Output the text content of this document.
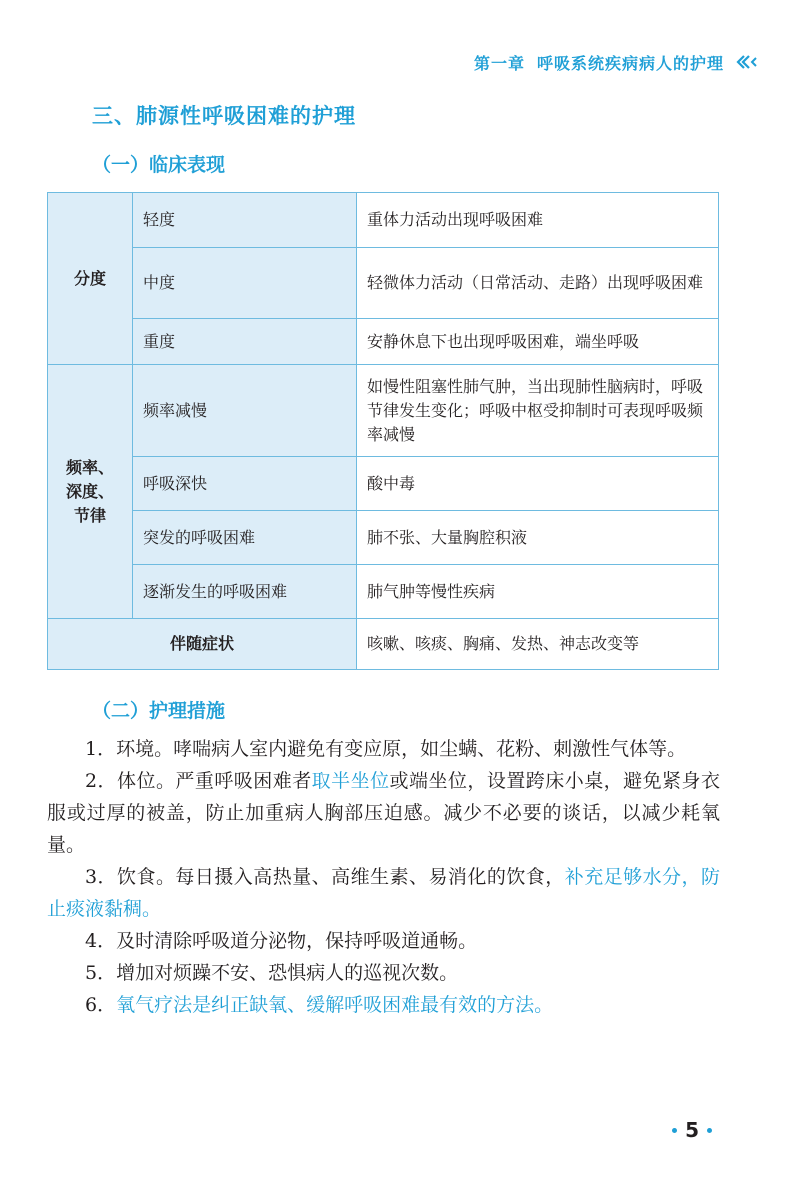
第一章 呼吸系统疾病病人的护理
三、肺源性呼吸困难的护理
（一）临床表现
分度	轻度	重体力活动出现呼吸困难
	中度	轻微体力活动（日常活动、走路）出现呼吸困难
	重度	安静休息下也出现呼吸困难，端坐呼吸
频率、
深度、
节律	频率减慢	如慢性阻塞性肺气肿，当出现肺性脑病时，呼吸节律发生变化；呼吸中枢受抑制时可表现呼吸频率减慢
	呼吸深快	酸中毒
	突发的呼吸困难	肺不张、大量胸腔积液
	逐渐发生的呼吸困难	肺气肿等慢性疾病
伴随症状		咳嗽、咳痰、胸痛、发热、神志改变等
（二）护理措施

1．环境。哮喘病人室内避免有变应原，如尘螨、花粉、刺激性气体等。

2．体位。严重呼吸困难者取半坐位或端坐位，设置跨床小桌，避免紧身衣服或过厚的被盖，防止加重病人胸部压迫感。减少不必要的谈话，以减少耗氧量。

3．饮食。每日摄入高热量、高维生素、易消化的饮食，补充足够水分，防止痰液黏稠。

4．及时清除呼吸道分泌物，保持呼吸道通畅。

5．增加对烦躁不安、恐惧病人的巡视次数。

6．氧气疗法是纠正缺氧、缓解呼吸困难最有效的方法。

5
